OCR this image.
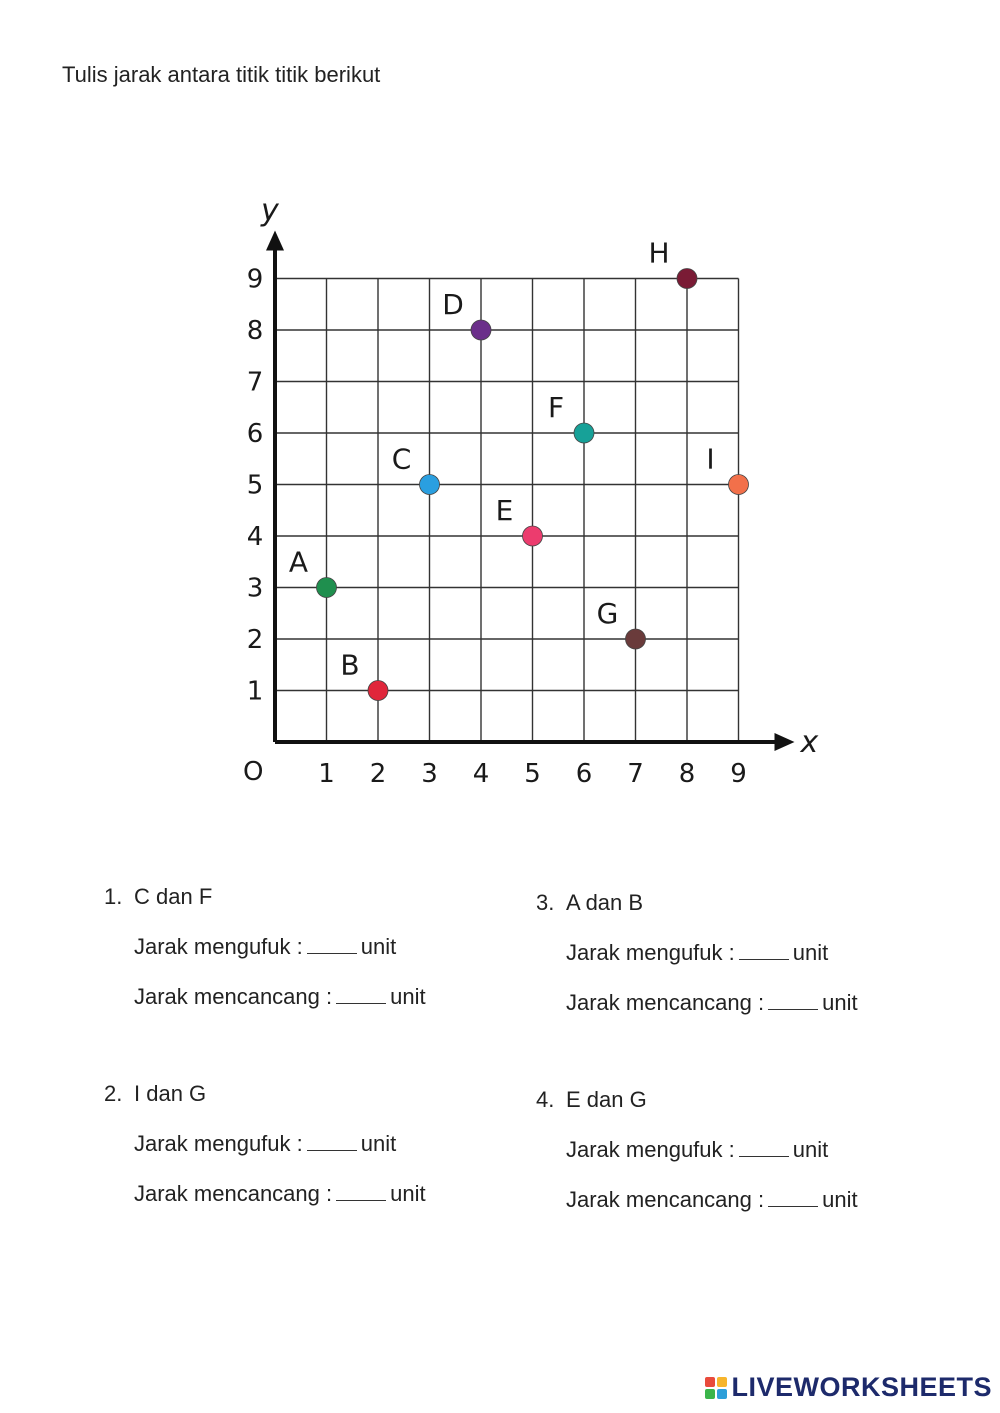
Tulis jarak antara titik titik berikut
x
y
O 1 2 3 4 5 6 7 8 9
1
2
3
4
5
6
7
8
9
A
B
C
D
E
F
G
H
I
1. C dan F
Jarak mengufuk :	unit
Jarak mencancang :	unit
2. I dan G
Jarak mengufuk :	unit
Jarak mencancang :	unit
3. A dan B
Jarak mengufuk :	unit
Jarak mencancang :	unit
4. E dan G
Jarak mengufuk :	unit
Jarak mencancang :	unit
LIVEWORKSHEETS
